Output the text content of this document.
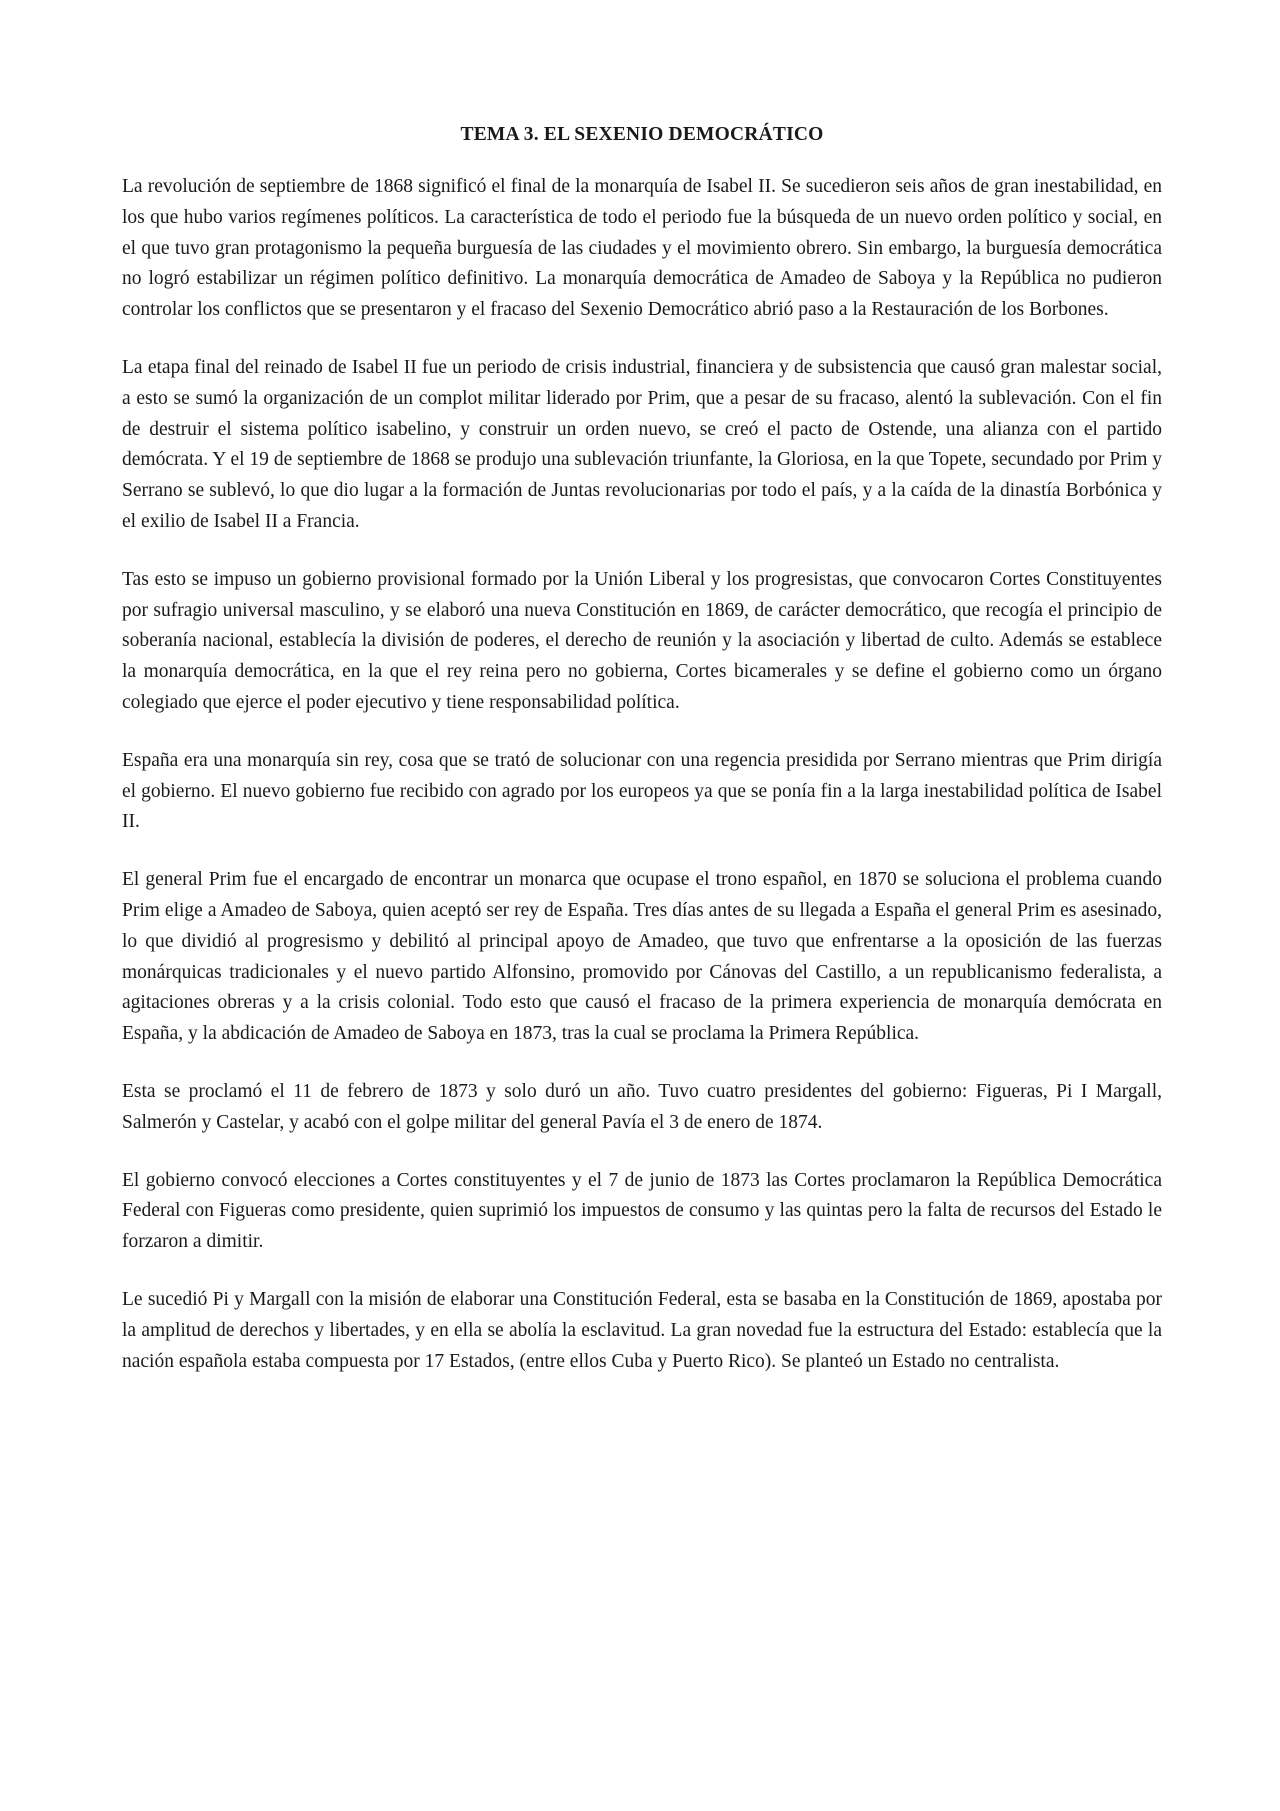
TEMA 3. EL SEXENIO DEMOCRÁTICO

La revolución de septiembre de 1868 significó el final de la monarquía de Isabel II. Se sucedieron seis años de gran inestabilidad, en los que hubo varios regímenes políticos. La característica de todo el periodo fue la búsqueda de un nuevo orden político y social, en el que tuvo gran protagonismo la pequeña burguesía de las ciudades y el movimiento obrero. Sin embargo, la burguesía democrática no logró estabilizar un régimen político definitivo. La monarquía democrática de Amadeo de Saboya y la República no pudieron controlar los conflictos que se presentaron y el fracaso del Sexenio Democrático abrió paso a la Restauración de los Borbones.

La etapa final del reinado de Isabel II fue un periodo de crisis industrial, financiera y de subsistencia que causó gran malestar social, a esto se sumó la organización de un complot militar liderado por Prim, que a pesar de su fracaso, alentó la sublevación. Con el fin de destruir el sistema político isabelino, y construir un orden nuevo, se creó el pacto de Ostende, una alianza con el partido demócrata. Y el 19 de septiembre de 1868 se produjo una sublevación triunfante, la Gloriosa, en la que Topete, secundado por Prim y Serrano se sublevó, lo que dio lugar a la formación de Juntas revolucionarias por todo el país, y a la caída de la dinastía Borbónica y el exilio de Isabel II a Francia.

Tas esto se impuso un gobierno provisional formado por la Unión Liberal y los progresistas, que convocaron Cortes Constituyentes por sufragio universal masculino, y se elaboró una nueva Constitución en 1869, de carácter democrático, que recogía el principio de soberanía nacional, establecía la división de poderes, el derecho de reunión y la asociación y libertad de culto. Además se establece la monarquía democrática, en la que el rey reina pero no gobierna, Cortes bicamerales y se define el gobierno como un órgano colegiado que ejerce el poder ejecutivo y tiene responsabilidad política.

España era una monarquía sin rey, cosa que se trató de solucionar con una regencia presidida por Serrano mientras que Prim dirigía el gobierno. El nuevo gobierno fue recibido con agrado por los europeos ya que se ponía fin a la larga inestabilidad política de Isabel II.

El general Prim fue el encargado de encontrar un monarca que ocupase el trono español, en 1870 se soluciona el problema cuando Prim elige a Amadeo de Saboya, quien aceptó ser rey de España. Tres días antes de su llegada a España el general Prim es asesinado, lo que dividió al progresismo y debilitó al principal apoyo de Amadeo, que tuvo que enfrentarse a la oposición de las fuerzas monárquicas tradicionales y el nuevo partido Alfonsino, promovido por Cánovas del Castillo, a un republicanismo federalista, a agitaciones obreras y a la crisis colonial. Todo esto que causó el fracaso de la primera experiencia de monarquía demócrata en España, y la abdicación de Amadeo de Saboya en 1873, tras la cual se proclama la Primera República.

Esta se proclamó el 11 de febrero de 1873 y solo duró un año. Tuvo cuatro presidentes del gobierno: Figueras, Pi I Margall, Salmerón y Castelar, y acabó con el golpe militar del general Pavía el 3 de enero de 1874.

El gobierno convocó elecciones a Cortes constituyentes y el 7 de junio de 1873 las Cortes proclamaron la República Democrática Federal con Figueras como presidente, quien suprimió los impuestos de consumo y las quintas pero la falta de recursos del Estado le forzaron a dimitir.

Le sucedió Pi y Margall con la misión de elaborar una Constitución Federal, esta se basaba en la Constitución de 1869, apostaba por la amplitud de derechos y libertades, y en ella se abolía la esclavitud. La gran novedad fue la estructura del Estado: establecía que la nación española estaba compuesta por 17 Estados, (entre ellos Cuba y Puerto Rico). Se planteó un Estado no centralista.
